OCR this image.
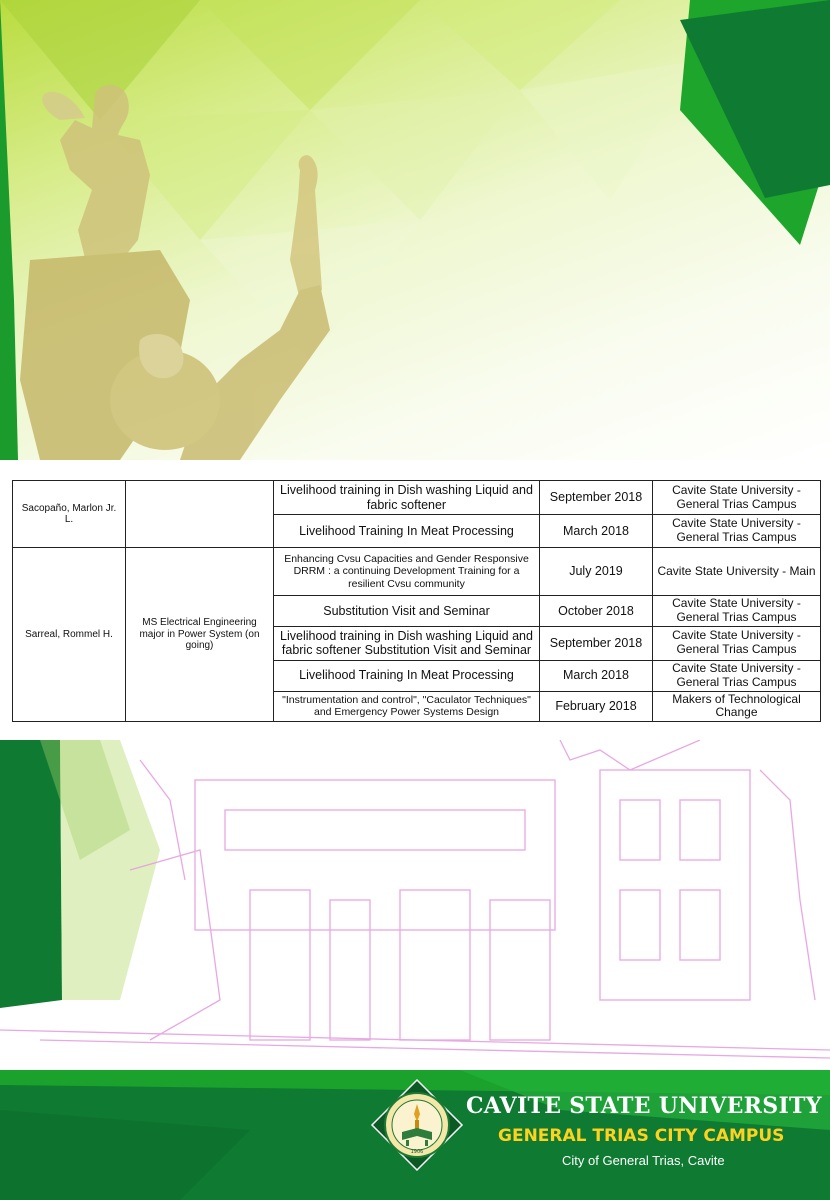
Sacopaño, Marlon Jr. L.		Livelihood training in Dish washing Liquid and fabric softener	September 2018	Cavite State University - General Trias Campus
		Livelihood Training In Meat Processing	March 2018	Cavite State University - General Trias Campus
Sarreal, Rommel H.	MS Electrical Engineering major in Power System (on going)	Enhancing Cvsu Capacities and Gender Responsive DRRM : a continuing Development Training for a resilient Cvsu community	July 2019	Cavite State University - Main
		Substitution Visit and Seminar	October 2018	Cavite State University - General Trias Campus
		Livelihood training in Dish washing Liquid and fabric softener Substitution Visit and Seminar	September 2018	Cavite State University - General Trias Campus
		Livelihood Training In Meat Processing	March 2018	Cavite State University - General Trias Campus
		"Instrumentation and control", "Caculator Techniques" and Emergency Power Systems Design	February 2018	Makers of Technological Change
1906
CAVITE STATE UNIVERSITY
GENERAL TRIAS CITY CAMPUS
City of General Trias, Cavite
